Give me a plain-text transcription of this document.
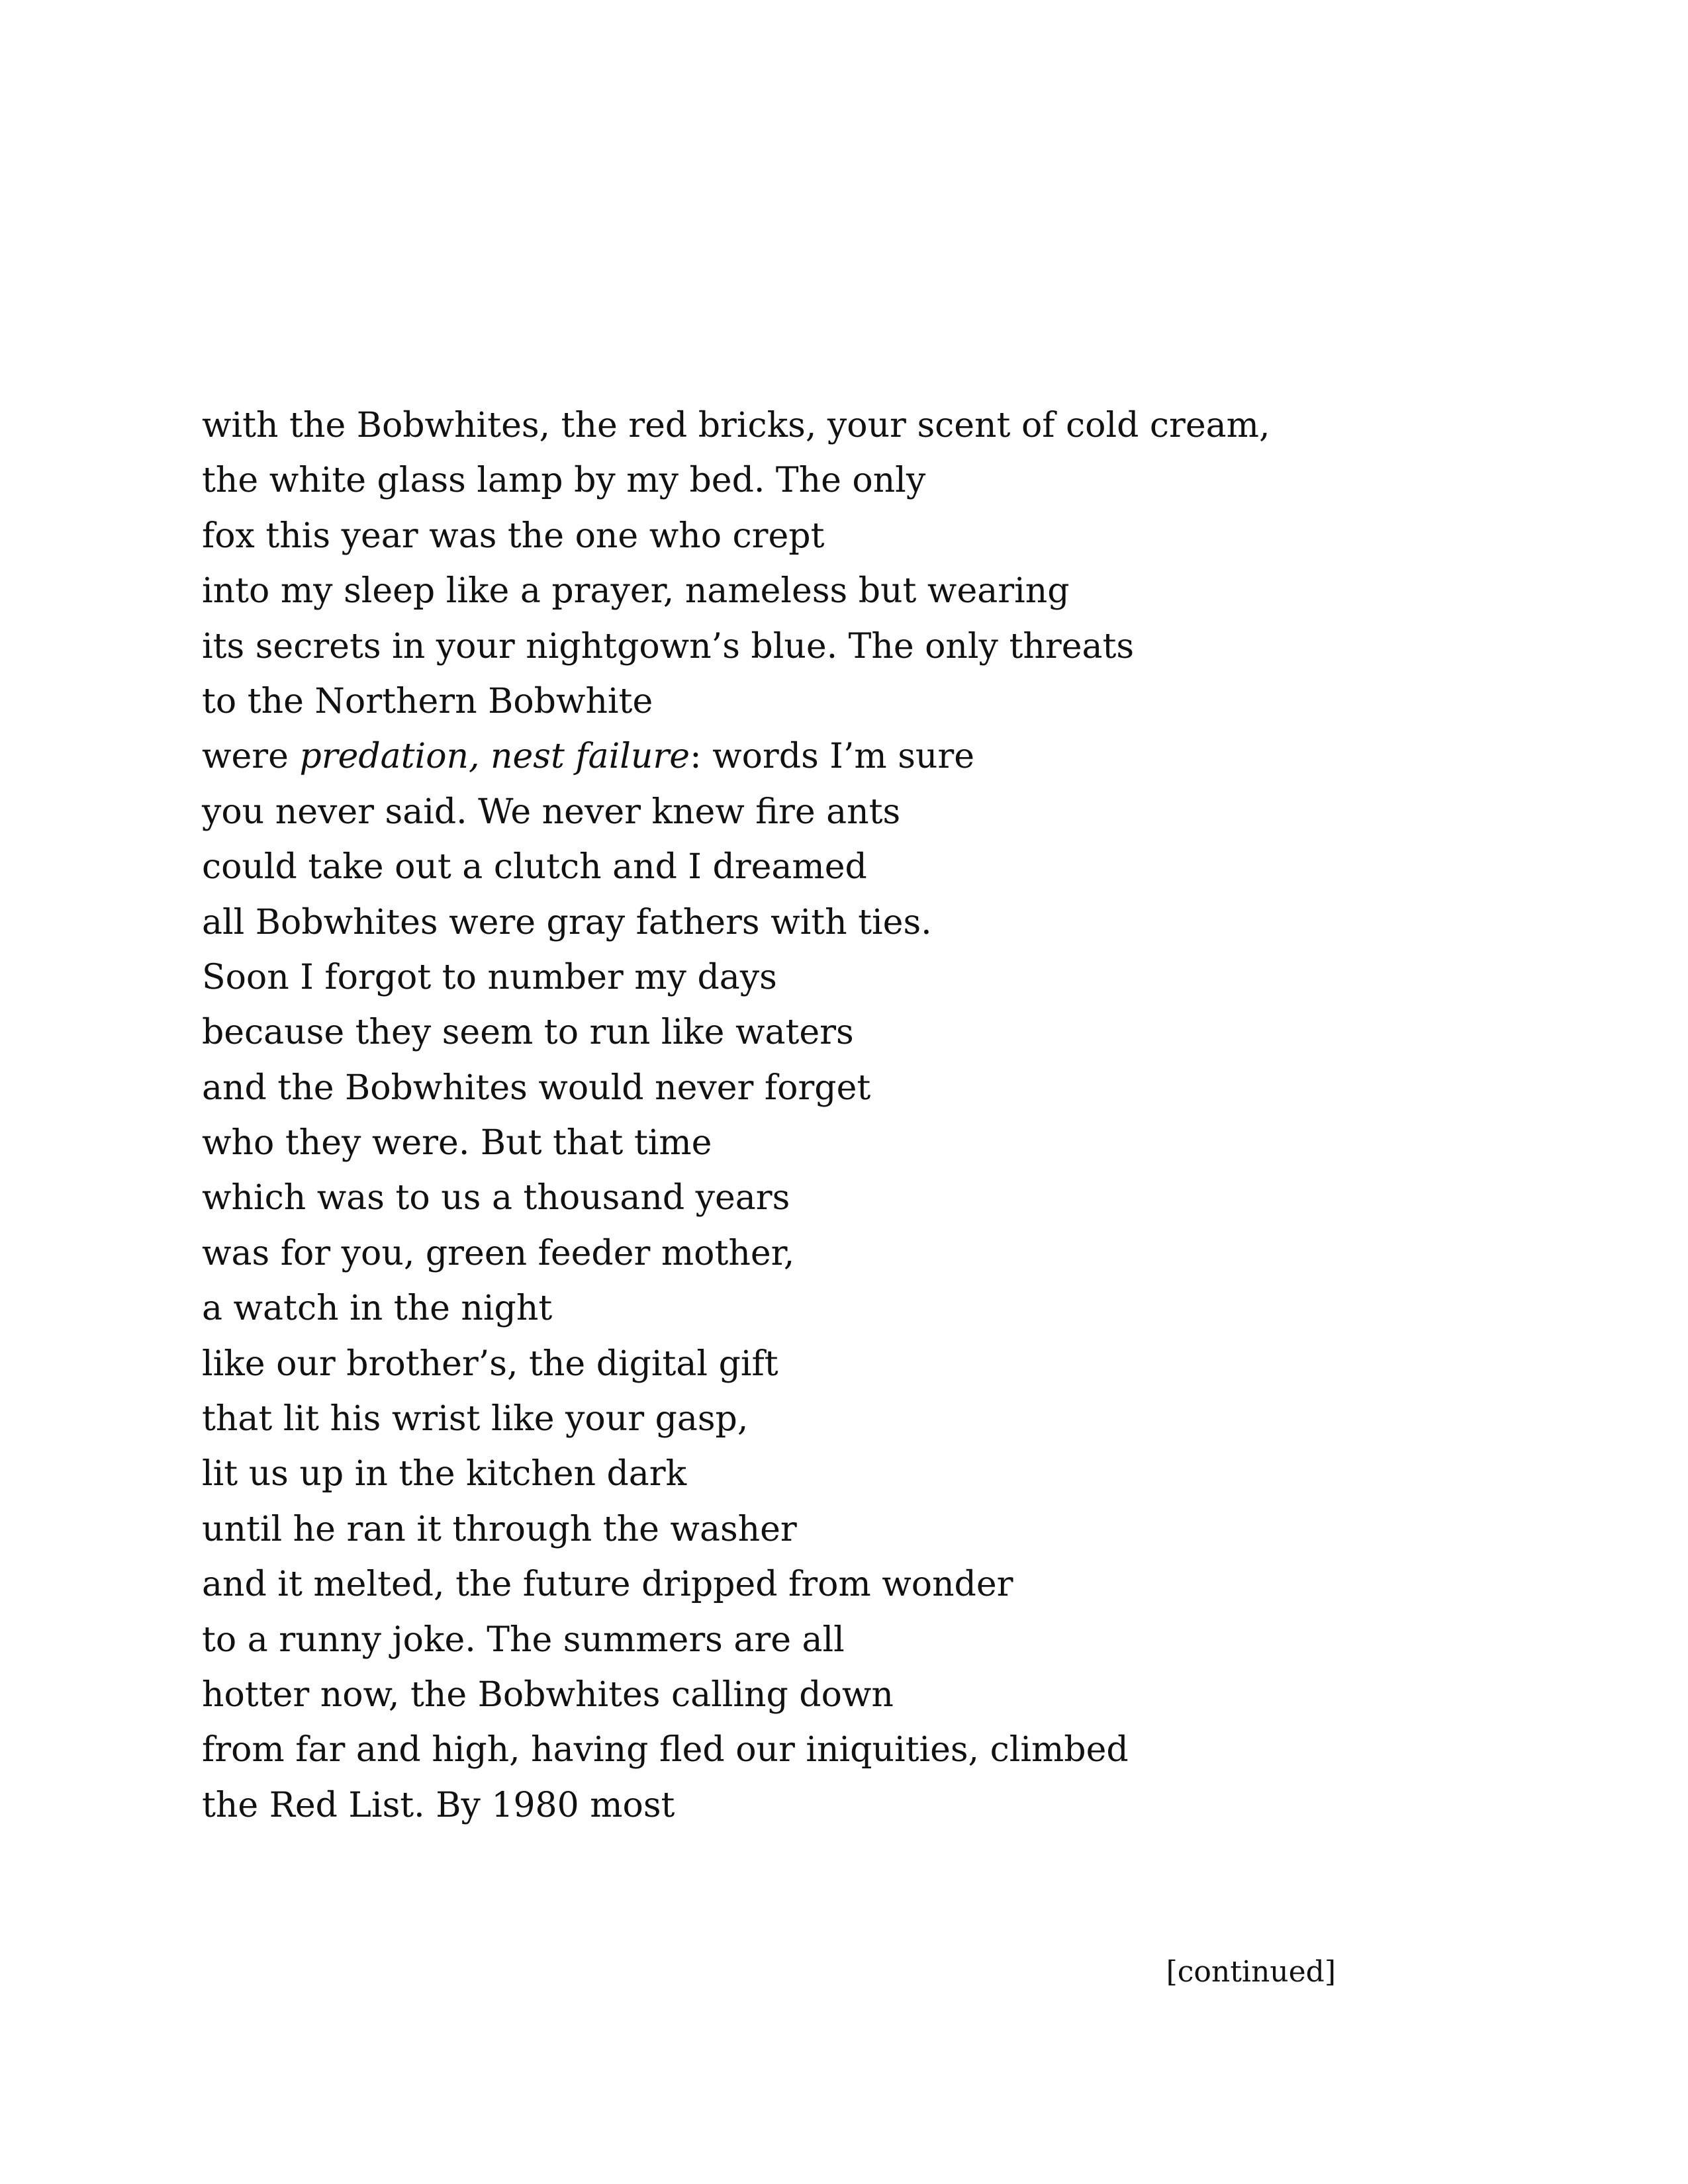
with the Bobwhites, the red bricks, your scent of cold cream,
the white glass lamp by my bed. The only
fox this year was the one who crept
into my sleep like a prayer, nameless but wearing
its secrets in your nightgown’s blue. The only threats
to the Northern Bobwhite
were predation, nest failure: words I’m sure
you never said. We never knew fire ants
could take out a clutch and I dreamed
all Bobwhites were gray fathers with ties.
Soon I forgot to number my days
because they seem to run like waters
and the Bobwhites would never forget
who they were. But that time
which was to us a thousand years
was for you, green feeder mother,
a watch in the night
like our brother’s, the digital gift
that lit his wrist like your gasp,
lit us up in the kitchen dark
until he ran it through the washer
and it melted, the future dripped from wonder
to a runny joke. The summers are all
hotter now, the Bobwhites calling down
from far and high, having fled our iniquities, climbed
the Red List. By 1980 most
[continued]
